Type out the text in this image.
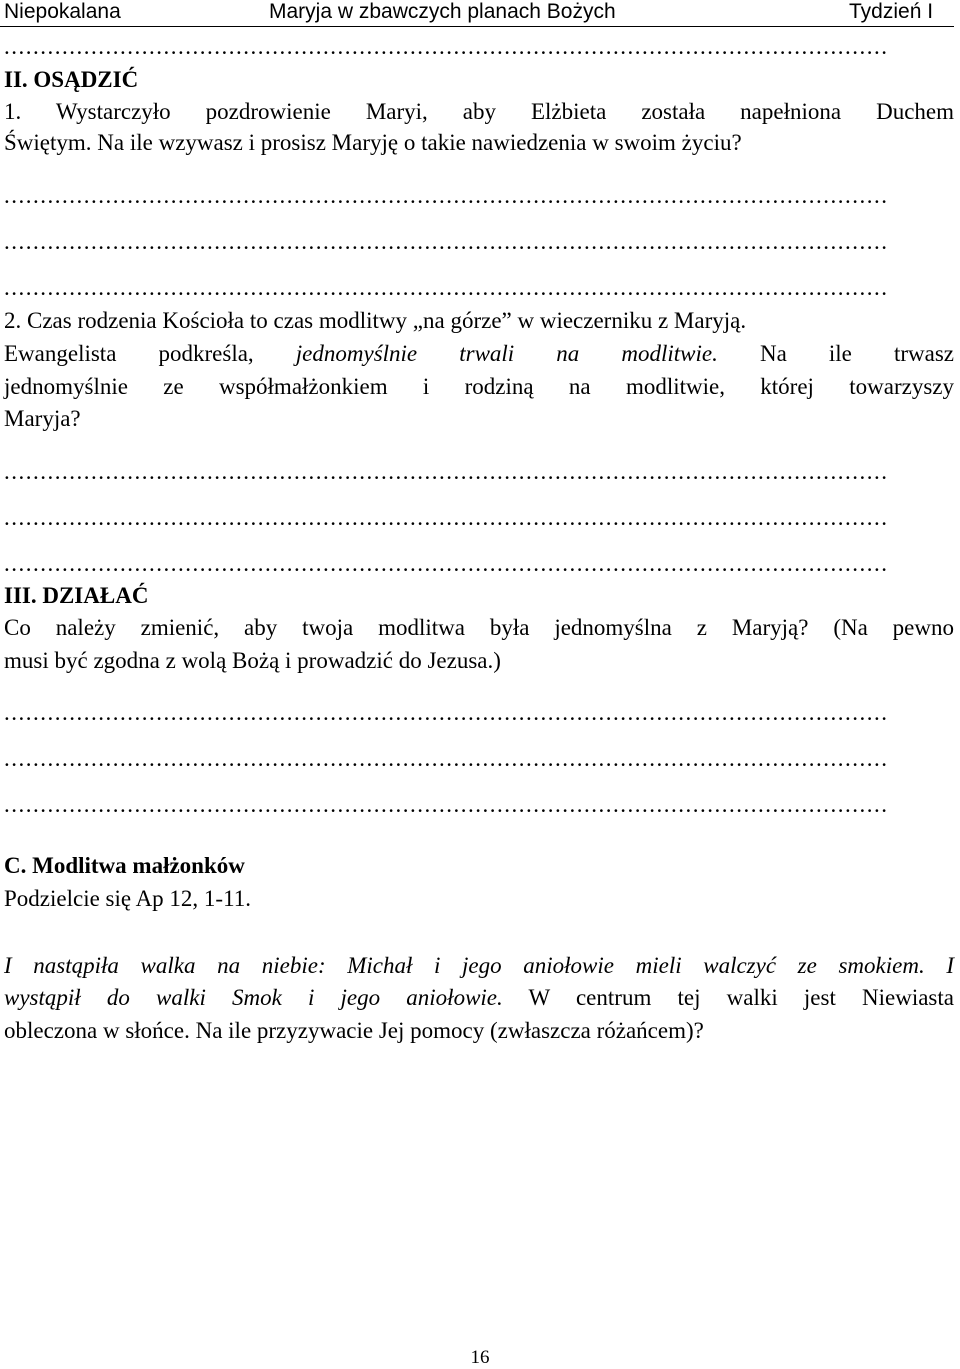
Niepokalana	Maryja w zbawczych planach Bożych	Tydzień I
..........................................................................................................................
II. OSĄDZIĆ
1. Wystarczyło pozdrowienie Maryi, aby Elżbieta została napełniona Duchem
Świętym. Na ile wzywasz i prosisz Maryję o takie nawiedzenia w swoim życiu?
..........................................................................................................................
..........................................................................................................................
..........................................................................................................................
2. Czas rodzenia Kościoła to czas modlitwy „na górze” w wieczerniku z Maryją.
Ewangelista podkreśla, jednomyślnie trwali na modlitwie. Na ile trwasz
jednomyślnie ze współmałżonkiem i rodziną na modlitwie, której towarzyszy
Maryja?
..........................................................................................................................
..........................................................................................................................
..........................................................................................................................
III. DZIAŁAĆ
Co należy zmienić, aby twoja modlitwa była jednomyślna z Maryją? (Na pewno
musi być zgodna z wolą Bożą i prowadzić do Jezusa.)
..........................................................................................................................
..........................................................................................................................
..........................................................................................................................
C. Modlitwa małżonków
Podzielcie się Ap 12, 1-11.
I nastąpiła walka na niebie: Michał i jego aniołowie mieli walczyć ze smokiem. I
wystąpił do walki Smok i jego aniołowie. W centrum tej walki jest Niewiasta
obleczona w słońce. Na ile przyzywacie Jej pomocy (zwłaszcza różańcem)?
16
